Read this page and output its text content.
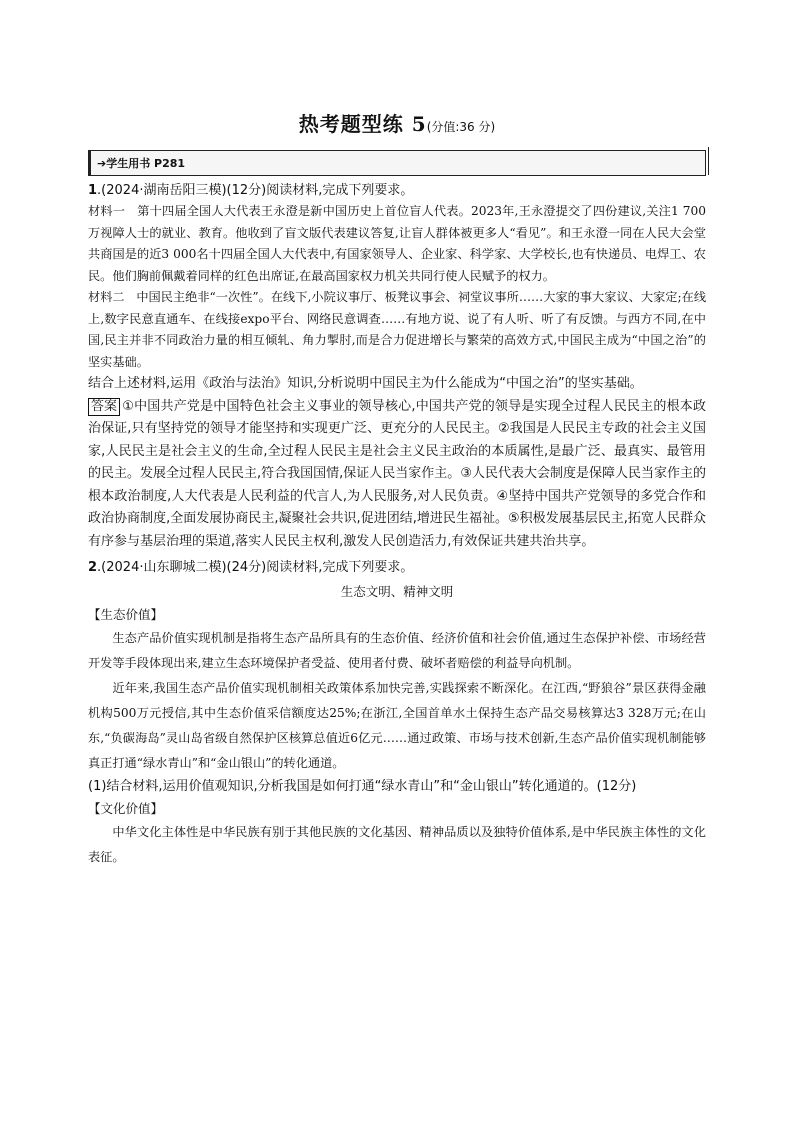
热考题型练 5(分值:36 分)
➔学生用书 P281

1.(2024·湖南岳阳三模)(12分)阅读材料,完成下列要求。

材料一 第十四届全国人大代表王永澄是新中国历史上首位盲人代表。2023年,王永澄提交了四份建议,关注1 700万视障人士的就业、教育。他收到了盲文版代表建议答复,让盲人群体被更多人“看见”。和王永澄一同在人民大会堂共商国是的近3 000名十四届全国人大代表中,有国家领导人、企业家、科学家、大学校长,也有快递员、电焊工、农民。他们胸前佩戴着同样的红色出席证,在最高国家权力机关共同行使人民赋予的权力。

材料二 中国民主绝非“一次性”。在线下,小院议事厅、板凳议事会、祠堂议事所……大家的事大家议、大家定;在线上,数字民意直通车、在线接expo平台、网络民意调查……有地方说、说了有人听、听了有反馈。与西方不同,在中国,民主并非不同政治力量的相互倾轧、角力掣肘,而是合力促进增长与繁荣的高效方式,中国民主成为“中国之治”的坚实基础。

结合上述材料,运用《政治与法治》知识,分析说明中国民主为什么能成为“中国之治”的坚实基础。

答案 ①中国共产党是中国特色社会主义事业的领导核心,中国共产党的领导是实现全过程人民民主的根本政治保证,只有坚持党的领导才能坚持和实现更广泛、更充分的人民民主。②我国是人民民主专政的社会主义国家,人民民主是社会主义的生命,全过程人民民主是社会主义民主政治的本质属性,是最广泛、最真实、最管用的民主。发展全过程人民民主,符合我国国情,保证人民当家作主。③人民代表大会制度是保障人民当家作主的根本政治制度,人大代表是人民利益的代言人,为人民服务,对人民负责。④坚持中国共产党领导的多党合作和政治协商制度,全面发展协商民主,凝聚社会共识,促进团结,增进民生福祉。⑤积极发展基层民主,拓宽人民群众有序参与基层治理的渠道,落实人民民主权利,激发人民创造活力,有效保证共建共治共享。

2.(2024·山东聊城二模)(24分)阅读材料,完成下列要求。

生态文明、精神文明

【生态价值】

生态产品价值实现机制是指将生态产品所具有的生态价值、经济价值和社会价值,通过生态保护补偿、市场经营开发等手段体现出来,建立生态环境保护者受益、使用者付费、破坏者赔偿的利益导向机制。

近年来,我国生态产品价值实现机制相关政策体系加快完善,实践探索不断深化。在江西,“野狼谷”景区获得金融机构500万元授信,其中生态价值采信额度达25%;在浙江,全国首单水土保持生态产品交易核算达3 328万元;在山东,“负碳海岛”灵山岛省级自然保护区核算总值近6亿元……通过政策、市场与技术创新,生态产品价值实现机制能够真正打通“绿水青山”和“金山银山”的转化通道。

(1)结合材料,运用价值观知识,分析我国是如何打通“绿水青山”和“金山银山”转化通道的。(12分)

【文化价值】

中华文化主体性是中华民族有别于其他民族的文化基因、精神品质以及独特价值体系,是中华民族主体性的文化表征。
